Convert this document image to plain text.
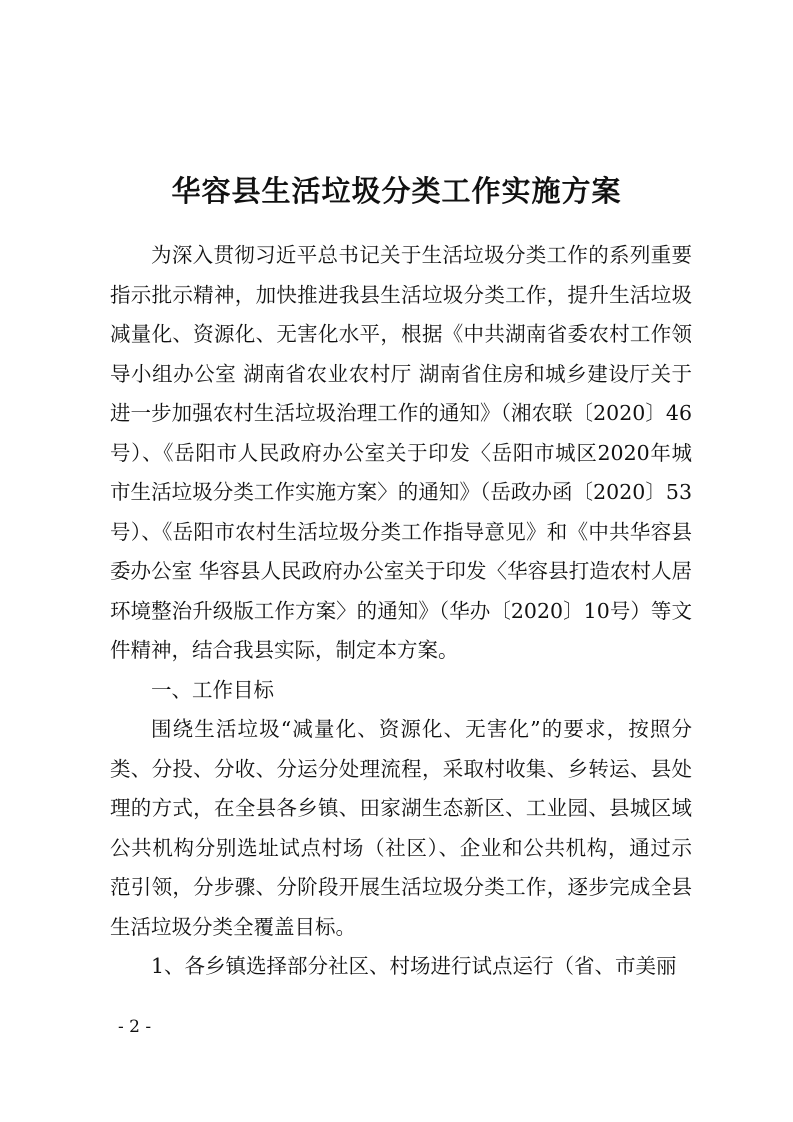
华容县生活垃圾分类工作实施方案

为深入贯彻习近平总书记关于生活垃圾分类工作的系列重要指示批示精神，加快推进我县生活垃圾分类工作，提升生活垃圾减量化、资源化、无害化水平，根据《中共湖南省委农村工作领导小组办公室 湖南省农业农村厅 湖南省住房和城乡建设厅关于进一步加强农村生活垃圾治理工作的通知》（湘农联〔2020〕46号）、《岳阳市人民政府办公室关于印发〈岳阳市城区2020年城市生活垃圾分类工作实施方案〉的通知》（岳政办函〔2020〕53号）、《岳阳市农村生活垃圾分类工作指导意见》和《中共华容县委办公室 华容县人民政府办公室关于印发〈华容县打造农村人居环境整治升级版工作方案〉的通知》（华办〔2020〕10号）等文件精神，结合我县实际，制定本方案。

一、工作目标

围绕生活垃圾“减量化、资源化、无害化”的要求，按照分类、分投、分收、分运分处理流程，采取村收集、乡转运、县处理的方式，在全县各乡镇、田家湖生态新区、工业园、县城区域公共机构分别选址试点村场（社区）、企业和公共机构，通过示范引领，分步骤、分阶段开展生活垃圾分类工作，逐步完成全县生活垃圾分类全覆盖目标。

1、各乡镇选择部分社区、村场进行试点运行（省、市美丽

- 2 -
